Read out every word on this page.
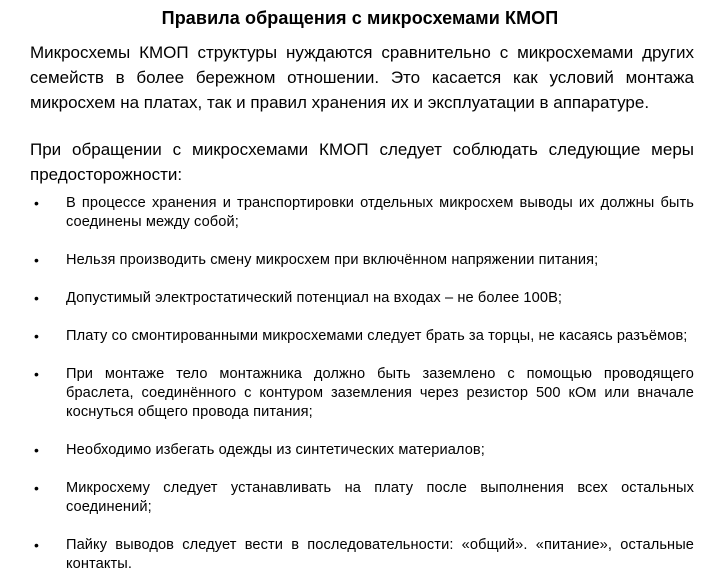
Правила обращения с микросхемами КМОП
Микросхемы КМОП структуры нуждаются сравнительно с микросхемами других семейств в более бережном отношении. Это касается как условий монтажа микросхем на платах, так и правил хранения их и эксплуатации в аппаратуре.
При обращении с микросхемами КМОП следует соблюдать следующие меры предосторожности:
•	В процессе хранения и транспортировки отдельных микросхем выводы их должны быть соединены между собой;
•	Нельзя производить смену микросхем при включённом напряжении питания;
•	Допустимый электростатический потенциал на входах – не более 100В;
•	Плату со смонтированными микросхемами следует брать за торцы, не касаясь разъёмов;
•	При монтаже тело монтажника должно быть заземлено с помощью проводящего браслета, соединённого с контуром заземления через резистор 500 кОм или вначале коснуться общего провода питания;
•	Необходимо избегать одежды из синтетических материалов;
•	Микросхему следует устанавливать на плату после выполнения всех остальных соединений;
•	Пайку выводов следует вести в последовательности: «общий». «питание», остальные контакты.
